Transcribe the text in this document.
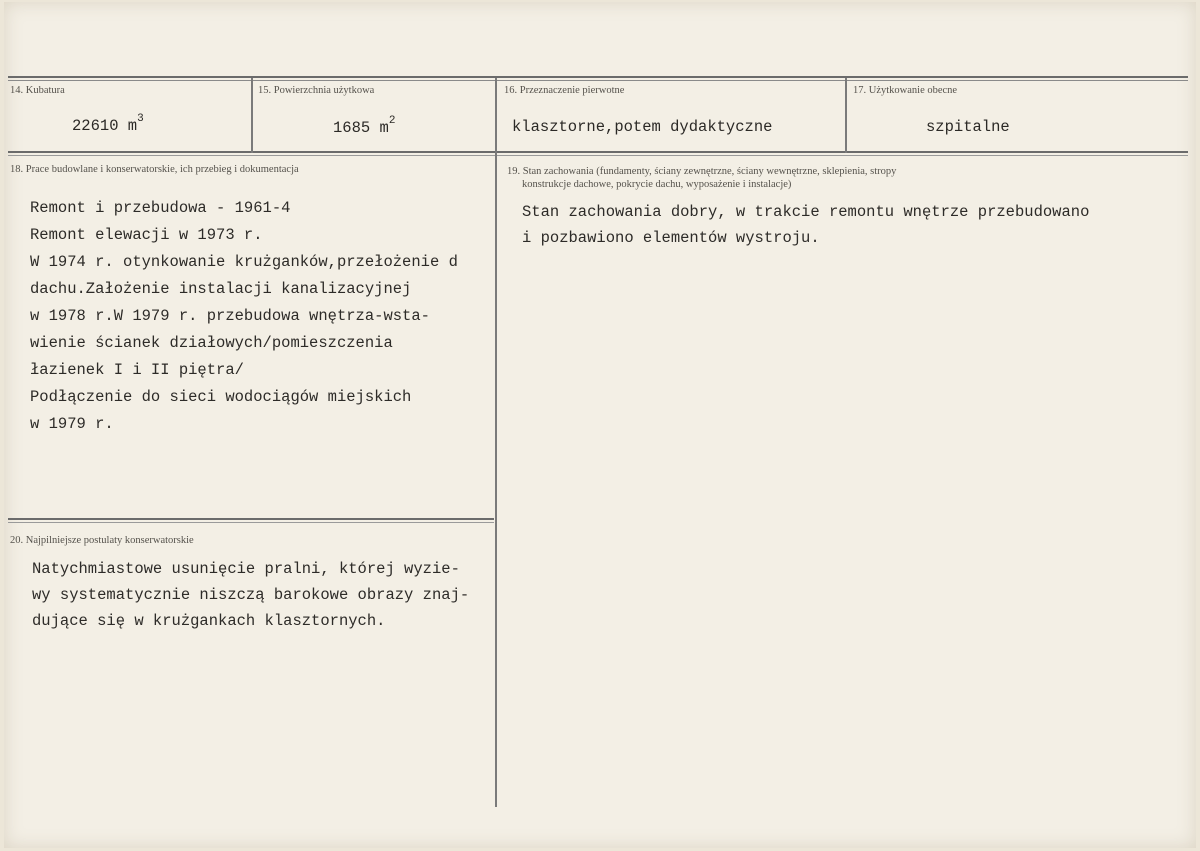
14. Kubatura
22610 $m^3$
15. Powierzchnia użytkowa
1685 $m^2$
16. Przeznaczenie pierwotne
klasztorne,potem dydaktyczne
17. Użytkowanie obecne
szpitalne
18. Prace budowlane i konserwatorskie, ich przebieg i dokumentacja
Remont i przebudowa - 1961-4
Remont elewacji w 1973 r.
W 1974 r. otynkowanie krużganków,przełożenie d
dachu.Założenie instalacji kanalizacyjnej
w 1978 r.W 1979 r. przebudowa wnętrza-wsta-
wienie ścianek działowych/pomieszczenia
łazienek I i II piętra/
Podłączenie do sieci wodociągów miejskich
w 1979 r.
19. Stan zachowania (fundamenty, ściany zewnętrzne, ściany wewnętrzne, sklepienia, stropy
konstrukcje dachowe, pokrycie dachu, wyposażenie i instalacje)
Stan zachowania dobry, w trakcie remontu wnętrze przebudowano
i pozbawiono elementów wystroju.
20. Najpilniejsze postulaty konserwatorskie
Natychmiastowe usunięcie pralni, której wyzie-
wy systematycznie niszczą barokowe obrazy znaj-
dujące się w krużgankach klasztornych.
